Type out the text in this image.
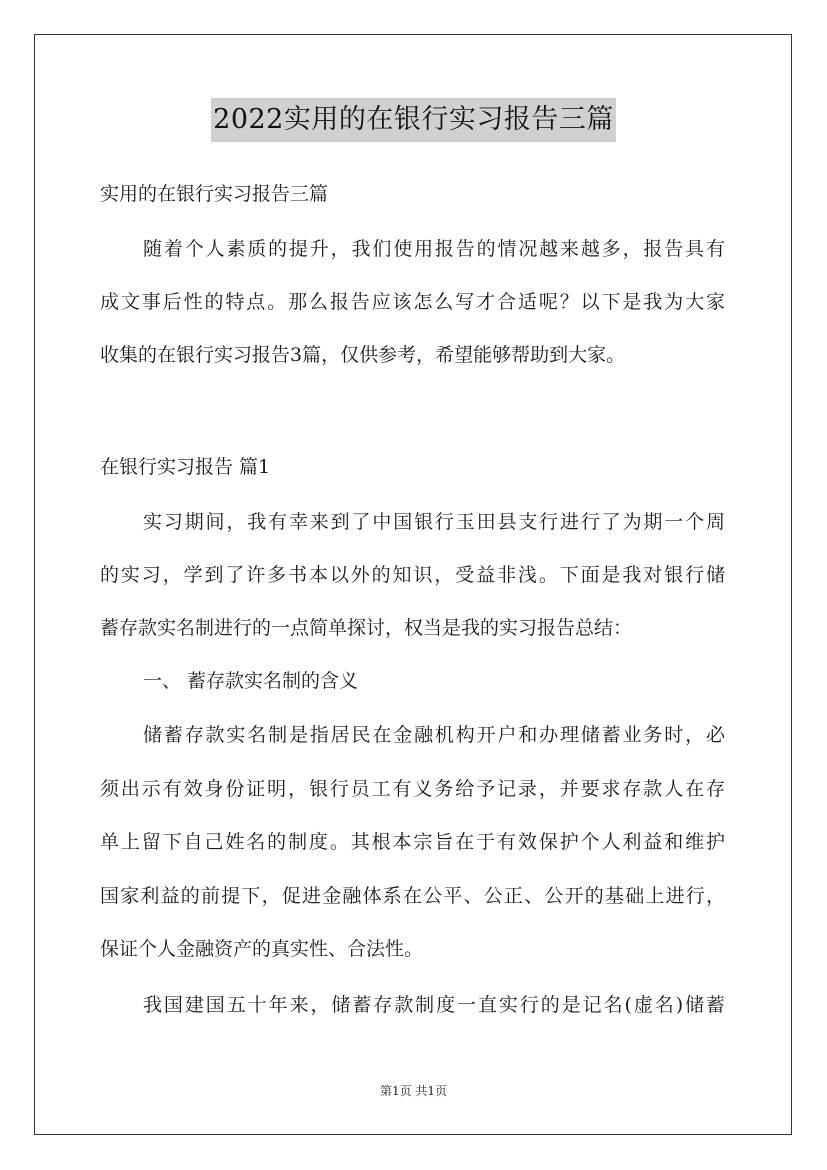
2022实用的在银行实习报告三篇
实用的在银行实习报告三篇
随着个人素质的提升，我们使用报告的情况越来越多，报告具有
成文事后性的特点。那么报告应该怎么写才合适呢？以下是我为大家
收集的在银行实习报告3篇，仅供参考，希望能够帮助到大家。
在银行实习报告 篇1
实习期间，我有幸来到了中国银行玉田县支行进行了为期一个周
的实习，学到了许多书本以外的知识，受益非浅。下面是我对银行储
蓄存款实名制进行的一点简单探讨，权当是我的实习报告总结：
一、 蓄存款实名制的含义
储蓄存款实名制是指居民在金融机构开户和办理储蓄业务时，必
须出示有效身份证明，银行员工有义务给予记录，并要求存款人在存
单上留下自己姓名的制度。其根本宗旨在于有效保护个人利益和维护
国家利益的前提下，促进金融体系在公平、公正、公开的基础上进行，
保证个人金融资产的真实性、合法性。
我国建国五十年来，储蓄存款制度一直实行的是记名(虚名)储蓄
第1页 共1页
